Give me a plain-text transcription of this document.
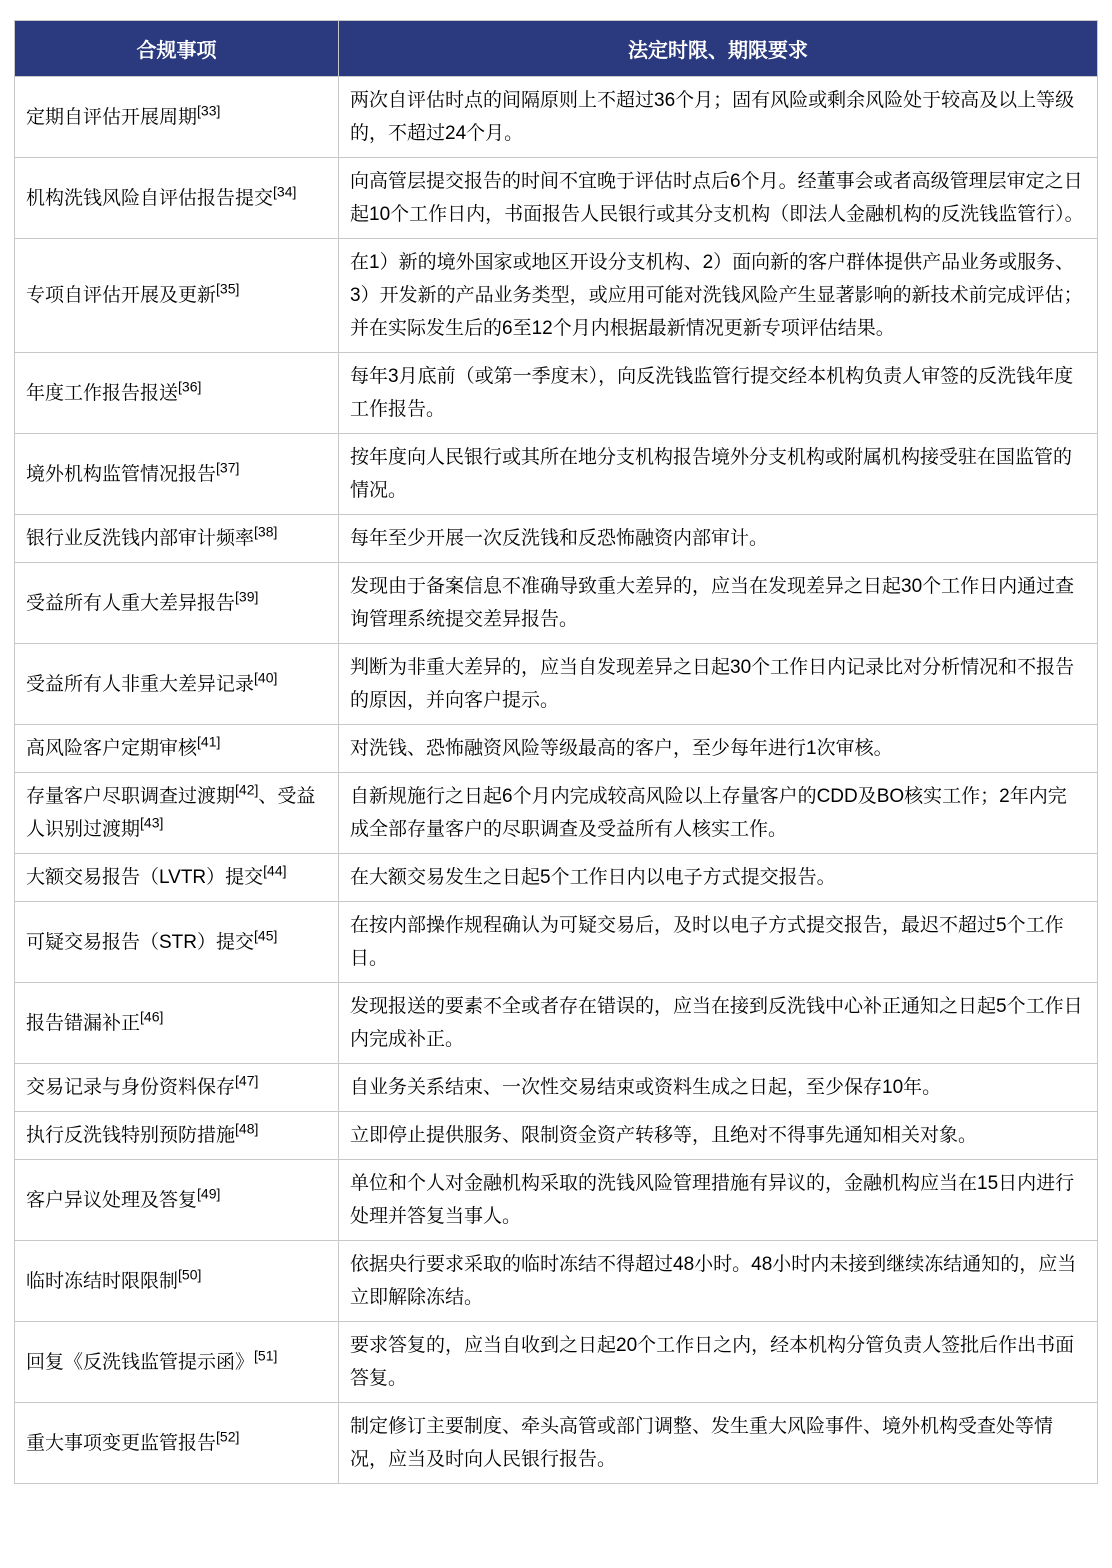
合规事项	法定时限、期限要求
定期自评估开展周期[33]	两次自评估时点的间隔原则上不超过36个月；固有风险或剩余风险处于较高及以上等级的，不超过24个月。
机构洗钱风险自评估报告提交[34]	向高管层提交报告的时间不宜晚于评估时点后6个月。经董事会或者高级管理层审定之日起10个工作日内，书面报告人民银行或其分支机构（即法人金融机构的反洗钱监管行）。
专项自评估开展及更新[35]	在1）新的境外国家或地区开设分支机构、2）面向新的客户群体提供产品业务或服务、3）开发新的产品业务类型，或应用可能对洗钱风险产生显著影响的新技术前完成评估；并在实际发生后的6至12个月内根据最新情况更新专项评估结果。
年度工作报告报送[36]	每年3月底前（或第一季度末），向反洗钱监管行提交经本机构负责人审签的反洗钱年度工作报告。
境外机构监管情况报告[37]	按年度向人民银行或其所在地分支机构报告境外分支机构或附属机构接受驻在国监管的情况。
银行业反洗钱内部审计频率[38]	每年至少开展一次反洗钱和反恐怖融资内部审计。
受益所有人重大差异报告[39]	发现由于备案信息不准确导致重大差异的，应当在发现差异之日起30个工作日内通过查询管理系统提交差异报告。
受益所有人非重大差异记录[40]	判断为非重大差异的，应当自发现差异之日起30个工作日内记录比对分析情况和不报告的原因，并向客户提示。
高风险客户定期审核[41]	对洗钱、恐怖融资风险等级最高的客户，至少每年进行1次审核。
存量客户尽职调查过渡期[42]、受益人识别过渡期[43]	自新规施行之日起6个月内完成较高风险以上存量客户的CDD及BO核实工作；2年内完成全部存量客户的尽职调查及受益所有人核实工作。
大额交易报告（LVTR）提交[44]	在大额交易发生之日起5个工作日内以电子方式提交报告。
可疑交易报告（STR）提交[45]	在按内部操作规程确认为可疑交易后，及时以电子方式提交报告，最迟不超过5个工作日。
报告错漏补正[46]	发现报送的要素不全或者存在错误的，应当在接到反洗钱中心补正通知之日起5个工作日内完成补正。
交易记录与身份资料保存[47]	自业务关系结束、一次性交易结束或资料生成之日起，至少保存10年。
执行反洗钱特别预防措施[48]	立即停止提供服务、限制资金资产转移等，且绝对不得事先通知相关对象。
客户异议处理及答复[49]	单位和个人对金融机构采取的洗钱风险管理措施有异议的，金融机构应当在15日内进行处理并答复当事人。
临时冻结时限限制[50]	依据央行要求采取的临时冻结不得超过48小时。48小时内未接到继续冻结通知的，应当立即解除冻结。
回复《反洗钱监管提示函》[51]	要求答复的，应当自收到之日起20个工作日之内，经本机构分管负责人签批后作出书面答复。
重大事项变更监管报告[52]	制定修订主要制度、牵头高管或部门调整、发生重大风险事件、境外机构受查处等情况，应当及时向人民银行报告。
